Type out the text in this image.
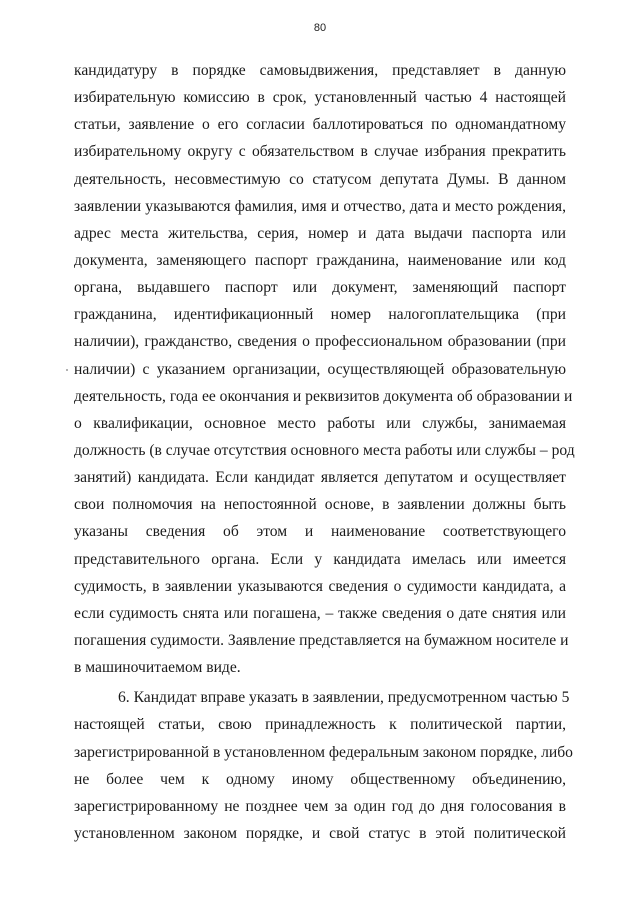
80
кандидатуру в порядке самовыдвижения, представляет в данную
избирательную комиссию в срок, установленный частью 4 настоящей
статьи, заявление о его согласии баллотироваться по одномандатному
избирательному округу с обязательством в случае избрания прекратить
деятельность, несовместимую со статусом депутата Думы. В данном
заявлении указываются фамилия, имя и отчество, дата и место рождения,
адрес места жительства, серия, номер и дата выдачи паспорта или
документа, заменяющего паспорт гражданина, наименование или код
органа, выдавшего паспорт или документ, заменяющий паспорт
гражданина, идентификационный номер налогоплательщика (при
наличии), гражданство, сведения о профессиональном образовании (при
наличии) с указанием организации, осуществляющей образовательную
деятельность, года ее окончания и реквизитов документа об образовании и
о квалификации, основное место работы или службы, занимаемая
должность (в случае отсутствия основного места работы или службы – род
занятий) кандидата. Если кандидат является депутатом и осуществляет
свои полномочия на непостоянной основе, в заявлении должны быть
указаны сведения об этом и наименование соответствующего
представительного органа. Если у кандидата имелась или имеется
судимость, в заявлении указываются сведения о судимости кандидата, а
если судимость снята или погашена, – также сведения о дате снятия или
погашения судимости. Заявление представляется на бумажном носителе и
в машиночитаемом виде.
6. Кандидат вправе указать в заявлении, предусмотренном частью 5
настоящей статьи, свою принадлежность к политической партии,
зарегистрированной в установленном федеральным законом порядке, либо
не более чем к одному иному общественному объединению,
зарегистрированному не позднее чем за один год до дня голосования в
установленном законом порядке, и свой статус в этой политической
